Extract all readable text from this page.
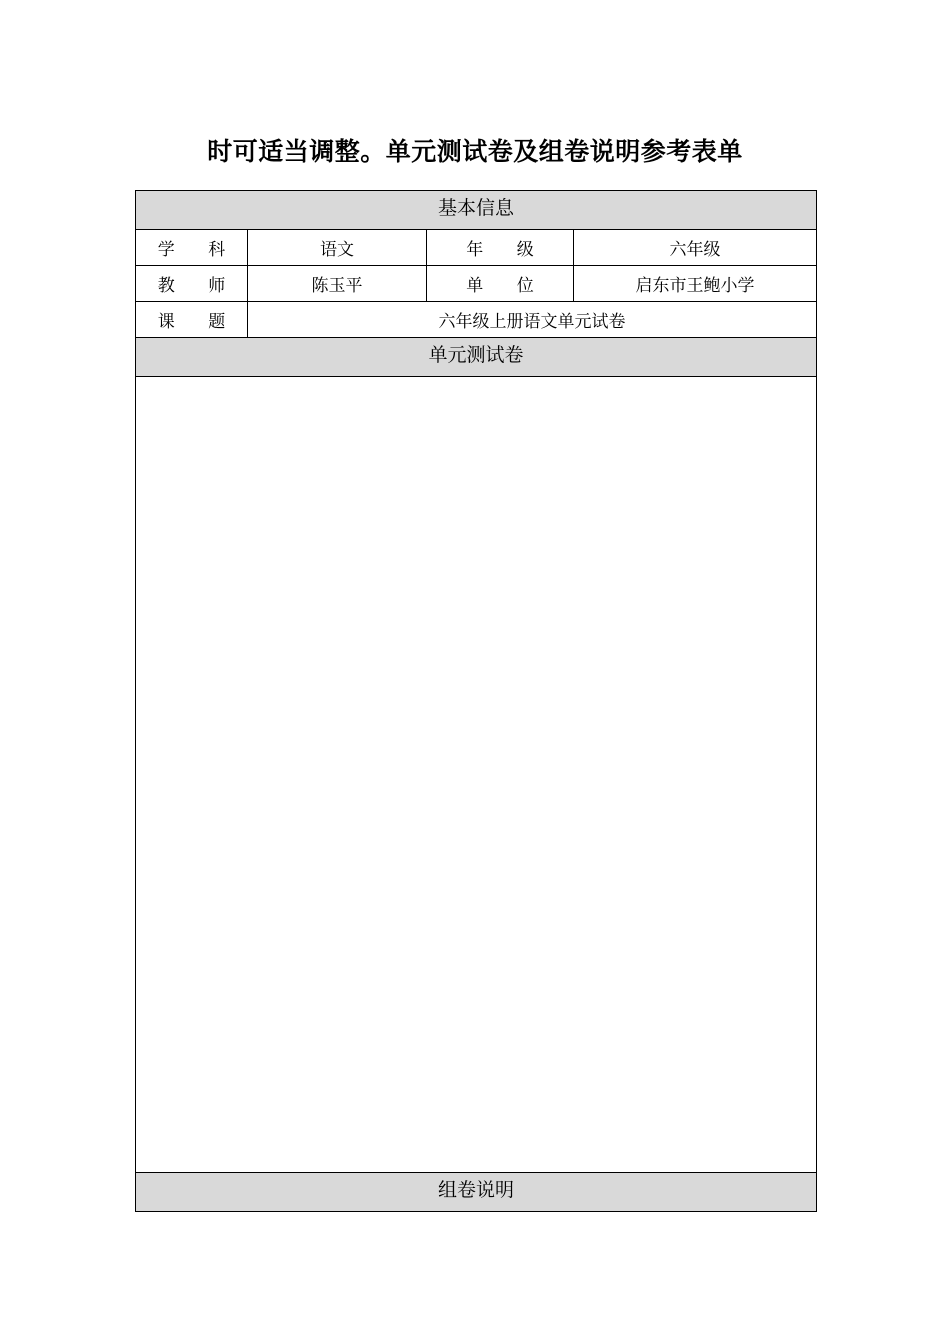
时可适当调整。单元测试卷及组卷说明参考表单
基本信息			

学 科	语文	年 级	六年级
教 师	陈玉平	单 位	启东市王鲍小学
课 题	六年级上册语文单元试卷		

单元测试卷			

组卷说明			
